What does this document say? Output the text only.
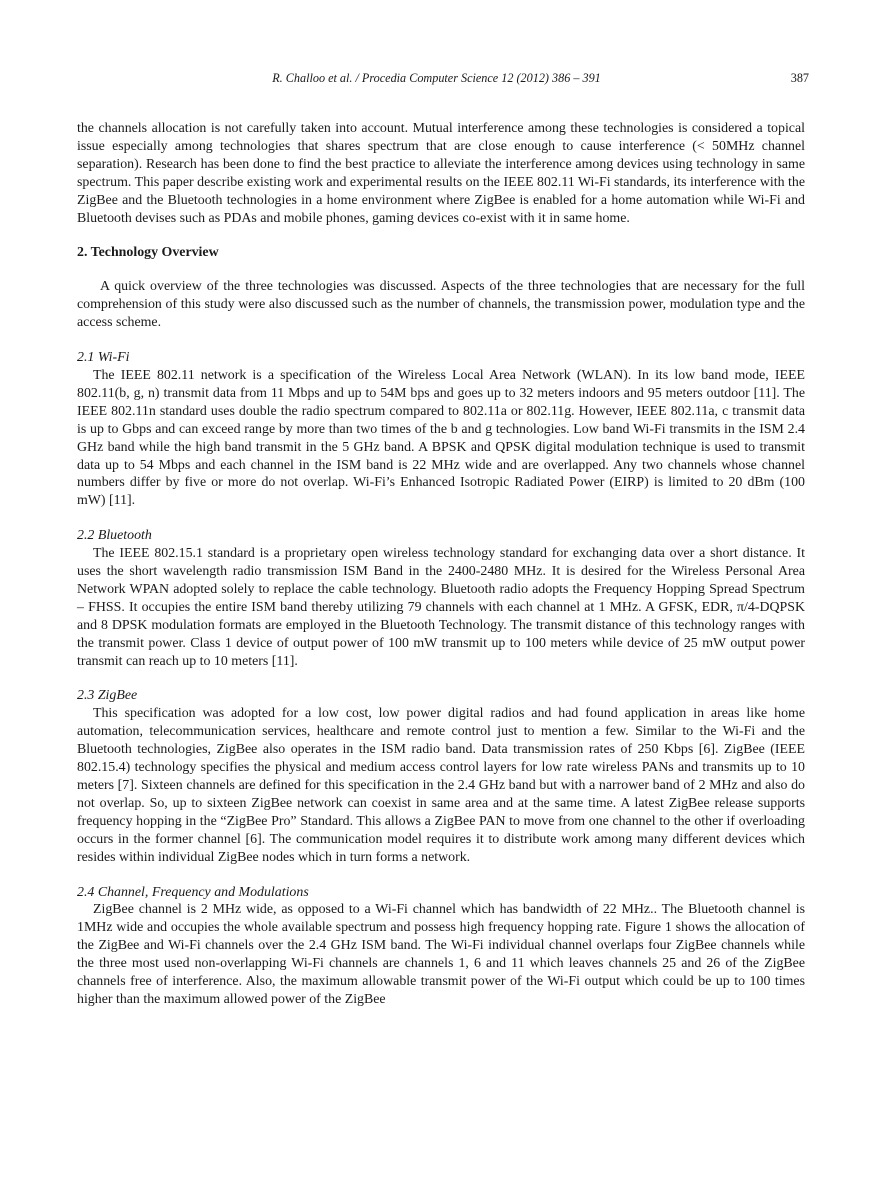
R. Challoo et al. / Procedia Computer Science 12 (2012) 386 – 391	387

the channels allocation is not carefully taken into account. Mutual interference among these technologies is considered a topical issue especially among technologies that shares spectrum that are close enough to cause interference (< 50MHz channel separation). Research has been done to find the best practice to alleviate the interference among devices using technology in same spectrum. This paper describe existing work and experimental results on the IEEE 802.11 Wi-Fi standards, its interference with the ZigBee and the Bluetooth technologies in a home environment where ZigBee is enabled for a home automation while Wi-Fi and Bluetooth devises such as PDAs and mobile phones, gaming devices co-exist with it in same home.

2. Technology Overview

A quick overview of the three technologies was discussed. Aspects of the three technologies that are necessary for the full comprehension of this study were also discussed such as the number of channels, the transmission power, modulation type and the access scheme.

2.1 Wi-Fi

The IEEE 802.11 network is a specification of the Wireless Local Area Network (WLAN). In its low band mode, IEEE 802.11(b, g, n) transmit data from 11 Mbps and up to 54M bps and goes up to 32 meters indoors and 95 meters outdoor [11]. The IEEE 802.11n standard uses double the radio spectrum compared to 802.11a or 802.11g. However, IEEE 802.11a, c transmit data is up to Gbps and can exceed range by more than two times of the b and g technologies. Low band Wi-Fi transmits in the ISM 2.4 GHz band while the high band transmit in the 5 GHz band. A BPSK and QPSK digital modulation technique is used to transmit data up to 54 Mbps and each channel in the ISM band is 22 MHz wide and are overlapped. Any two channels whose channel numbers differ by five or more do not overlap. Wi-Fi’s Enhanced Isotropic Radiated Power (EIRP) is limited to 20 dBm (100 mW) [11].

2.2 Bluetooth

The IEEE 802.15.1 standard is a proprietary open wireless technology standard for exchanging data over a short distance. It uses the short wavelength radio transmission ISM Band in the 2400-2480 MHz. It is desired for the Wireless Personal Area Network WPAN adopted solely to replace the cable technology. Bluetooth radio adopts the Frequency Hopping Spread Spectrum – FHSS. It occupies the entire ISM band thereby utilizing 79 channels with each channel at 1 MHz. A GFSK, EDR, π/4-DQPSK and 8 DPSK modulation formats are employed in the Bluetooth Technology. The transmit distance of this technology ranges with the transmit power. Class 1 device of output power of 100 mW transmit up to 100 meters while device of 25 mW output power transmit can reach up to 10 meters [11].

2.3 ZigBee

This specification was adopted for a low cost, low power digital radios and had found application in areas like home automation, telecommunication services, healthcare and remote control just to mention a few. Similar to the Wi-Fi and the Bluetooth technologies, ZigBee also operates in the ISM radio band. Data transmission rates of 250 Kbps [6]. ZigBee (IEEE 802.15.4) technology specifies the physical and medium access control layers for low rate wireless PANs and transmits up to 10 meters [7]. Sixteen channels are defined for this specification in the 2.4 GHz band but with a narrower band of 2 MHz and also do not overlap. So, up to sixteen ZigBee network can coexist in same area and at the same time. A latest ZigBee release supports frequency hopping in the “ZigBee Pro” Standard. This allows a ZigBee PAN to move from one channel to the other if overloading occurs in the former channel [6]. The communication model requires it to distribute work among many different devices which resides within individual ZigBee nodes which in turn forms a network.

2.4 Channel, Frequency and Modulations

ZigBee channel is 2 MHz wide, as opposed to a Wi-Fi channel which has bandwidth of 22 MHz.. The Bluetooth channel is 1MHz wide and occupies the whole available spectrum and possess high frequency hopping rate. Figure 1 shows the allocation of the ZigBee and Wi-Fi channels over the 2.4 GHz ISM band. The Wi-Fi individual channel overlaps four ZigBee channels while the three most used non-overlapping Wi-Fi channels are channels 1, 6 and 11 which leaves channels 25 and 26 of the ZigBee channels free of interference. Also, the maximum allowable transmit power of the Wi-Fi output which could be up to 100 times higher than the maximum allowed power of the ZigBee
